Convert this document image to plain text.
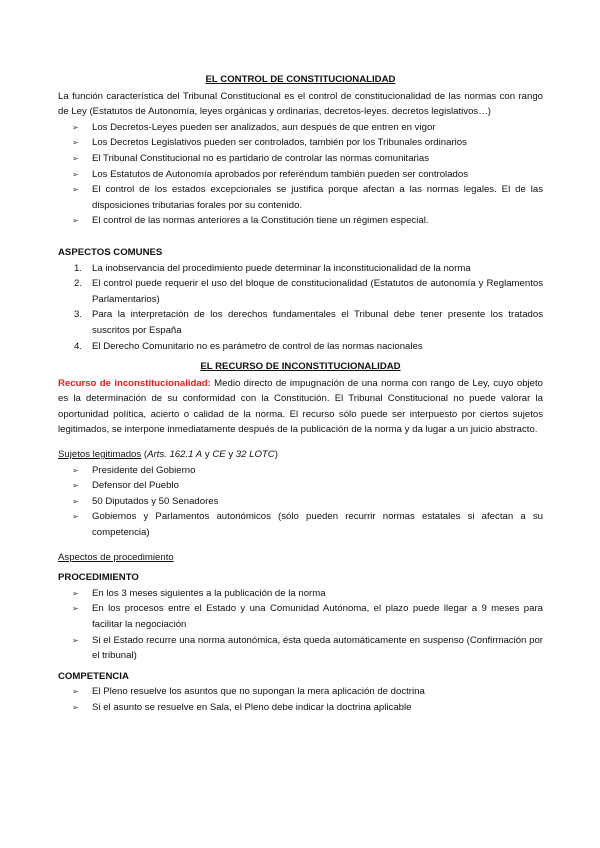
EL CONTROL DE CONSTITUCIONALIDAD

La función característica del Tribunal Constitucional es el control de constitucionalidad de las normas con rango de Ley (Estatutos de Autonomía, leyes orgánicas y ordinarias, decretos-leyes. decretos legislativos…)

➢ Los Decretos-Leyes pueden ser analizados, aun después de que entren en vigor
➢ Los Decretos Legislativos pueden ser controlados, también por los Tribunales ordinarios
➢ El Tribunal Constitucional no es partidario de controlar las normas comunitarias
➢ Los Estatutos de Autonomía aprobados por referéndum también pueden ser controlados
➢ El control de los estados excepcionales se justifica porque afectan a las normas legales. El de las disposiciones tributarias forales por su contenido.
➢ El control de las normas anteriores a la Constitución tiene un régimen especial.

ASPECTOS COMUNES

1. La inobservancia del procedimiento puede determinar la inconstitucionalidad de la norma
2. El control puede requerir el uso del bloque de constitucionalidad (Estatutos de autonomía y Reglamentos Parlamentarios)
3. Para la interpretación de los derechos fundamentales el Tribunal debe tener presente los tratados suscritos por España
4. El Derecho Comunitario no es parámetro de control de las normas nacionales

EL RECURSO DE INCONSTITUCIONALIDAD

Recurso de inconstitucionalidad: Medio directo de impugnación de una norma con rango de Ley, cuyo objeto es la determinación de su conformidad con la Constitución. El Tribunal Constitucional no puede valorar la oportunidad política, acierto o calidad de la norma. El recurso sólo puede ser interpuesto por ciertos sujetos legitimados, se interpone inmediatamente después de la publicación de la norma y da lugar a un juicio abstracto.

Sujetos legitimados (Arts. 162.1 A y CE y 32 LOTC)

➢ Presidente del Gobierno
➢ Defensor del Pueblo
➢ 50 Diputados y 50 Senadores
➢ Gobiernos y Parlamentos autonómicos (sólo pueden recurrir normas estatales si afectan a su competencia)

Aspectos de procedimiento

PROCEDIMIENTO

➢ En los 3 meses siguientes a la publicación de la norma
➢ En los procesos entre el Estado y una Comunidad Autónoma, el plazo puede llegar a 9 meses para facilitar la negociación
➢ Si el Estado recurre una norma autonómica, ésta queda automáticamente en suspenso (Confirmación por el tribunal)

COMPETENCIA

➢ El Pleno resuelve los asuntos que no supongan la mera aplicación de doctrina
➢ Si el asunto se resuelve en Sala, el Pleno debe indicar la doctrina aplicable
